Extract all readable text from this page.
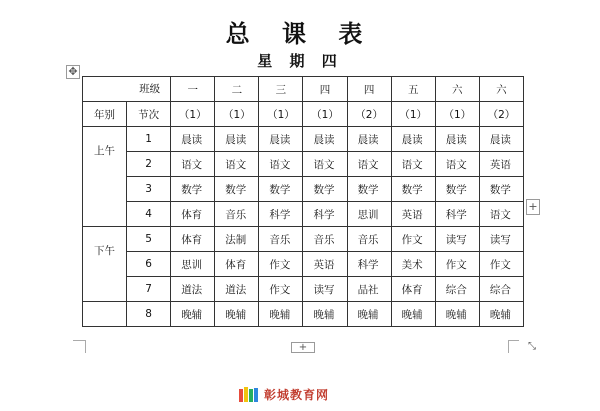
总 课 表
星 期 四
✥
班级		一	二	三	四	四	五	六	六
年别	节次	（1）	（1）	（1）	（1）	（2）	（1）	（1）	（2）
上午	1	晨读	晨读	晨读	晨读	晨读	晨读	晨读	晨读
	2	语文	语文	语文	语文	语文	语文	语文	英语
	3	数学	数学	数学	数学	数学	数学	数学	数学
	4	体育	音乐	科学	科学	思训	英语	科学	语文
下午	5	体育	法制	音乐	音乐	音乐	作文	读写	读写
	6	思训	体育	作文	英语	科学	美术	作文	作文
	7	道法	道法	作文	读写	品社	体育	综合	综合
	8	晚辅	晚辅	晚辅	晚辅	晚辅	晚辅	晚辅	晚辅
+
+	⤡
彰城教育网
